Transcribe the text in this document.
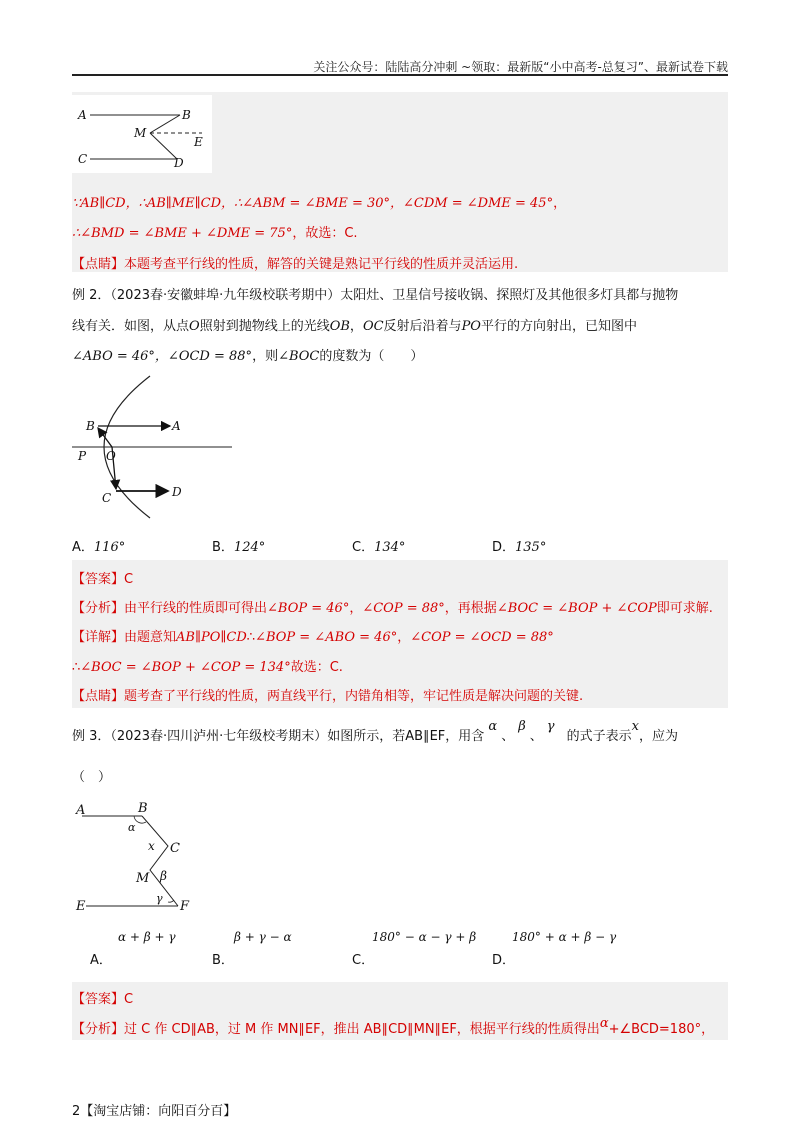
关注公众号：陆陆高分冲刺 ~领取：最新版“小中高考-总复习”、最新试卷下载
A	B
M
E
C	D
∵AB∥CD，∴AB∥ME∥CD，∴∠ABM = ∠BME = 30°，∠CDM = ∠DME = 45°，
∴∠BMD = ∠BME + ∠DME = 75°，故选：C.
【点睛】本题考查平行线的性质，解答的关键是熟记平行线的性质并灵活运用.
例 2．（2023春·安徽蚌埠·九年级校联考期中）太阳灶、卫星信号接收锅、探照灯及其他很多灯具都与抛物
线有关．如图，从点O照射到抛物线上的光线OB，OC反射后沿着与PO平行的方向射出，已知图中
∠ABO = 46°，∠OCD = 88°，则∠BOC的度数为（　　）
B	A
P O
C	D
A．116°	B．124°	C．134°	D．135°
【答案】C
【分析】由平行线的性质即可得出∠BOP = 46°，∠COP = 88°，再根据∠BOC = ∠BOP + ∠COP即可求解.
【详解】由题意知AB∥PO∥CD∴∠BOP = ∠ABO = 46°，∠COP = ∠OCD = 88°
∴∠BOC = ∠BOP + ∠COP = 134°故选：C.
【点睛】题考查了平行线的性质，两直线平行，内错角相等，牢记性质是解决问题的关键.
例 3．（2023春·四川泸州·七年级校考期末）如图所示，若AB∥EF，用含 α、β、γ 的式子表示x，应为
（　）
A	B
α
x C
M β
γ
E	F
α + β + γ
A．
β + γ − α
B．
180° − α − γ + β
C．
180° + α + β − γ
D．
【答案】C
【分析】过 C 作 CD∥AB，过 M 作 MN∥EF，推出 AB∥CD∥MN∥EF，根据平行线的性质得出α+∠BCD=180°，
2【淘宝店铺：向阳百分百】
